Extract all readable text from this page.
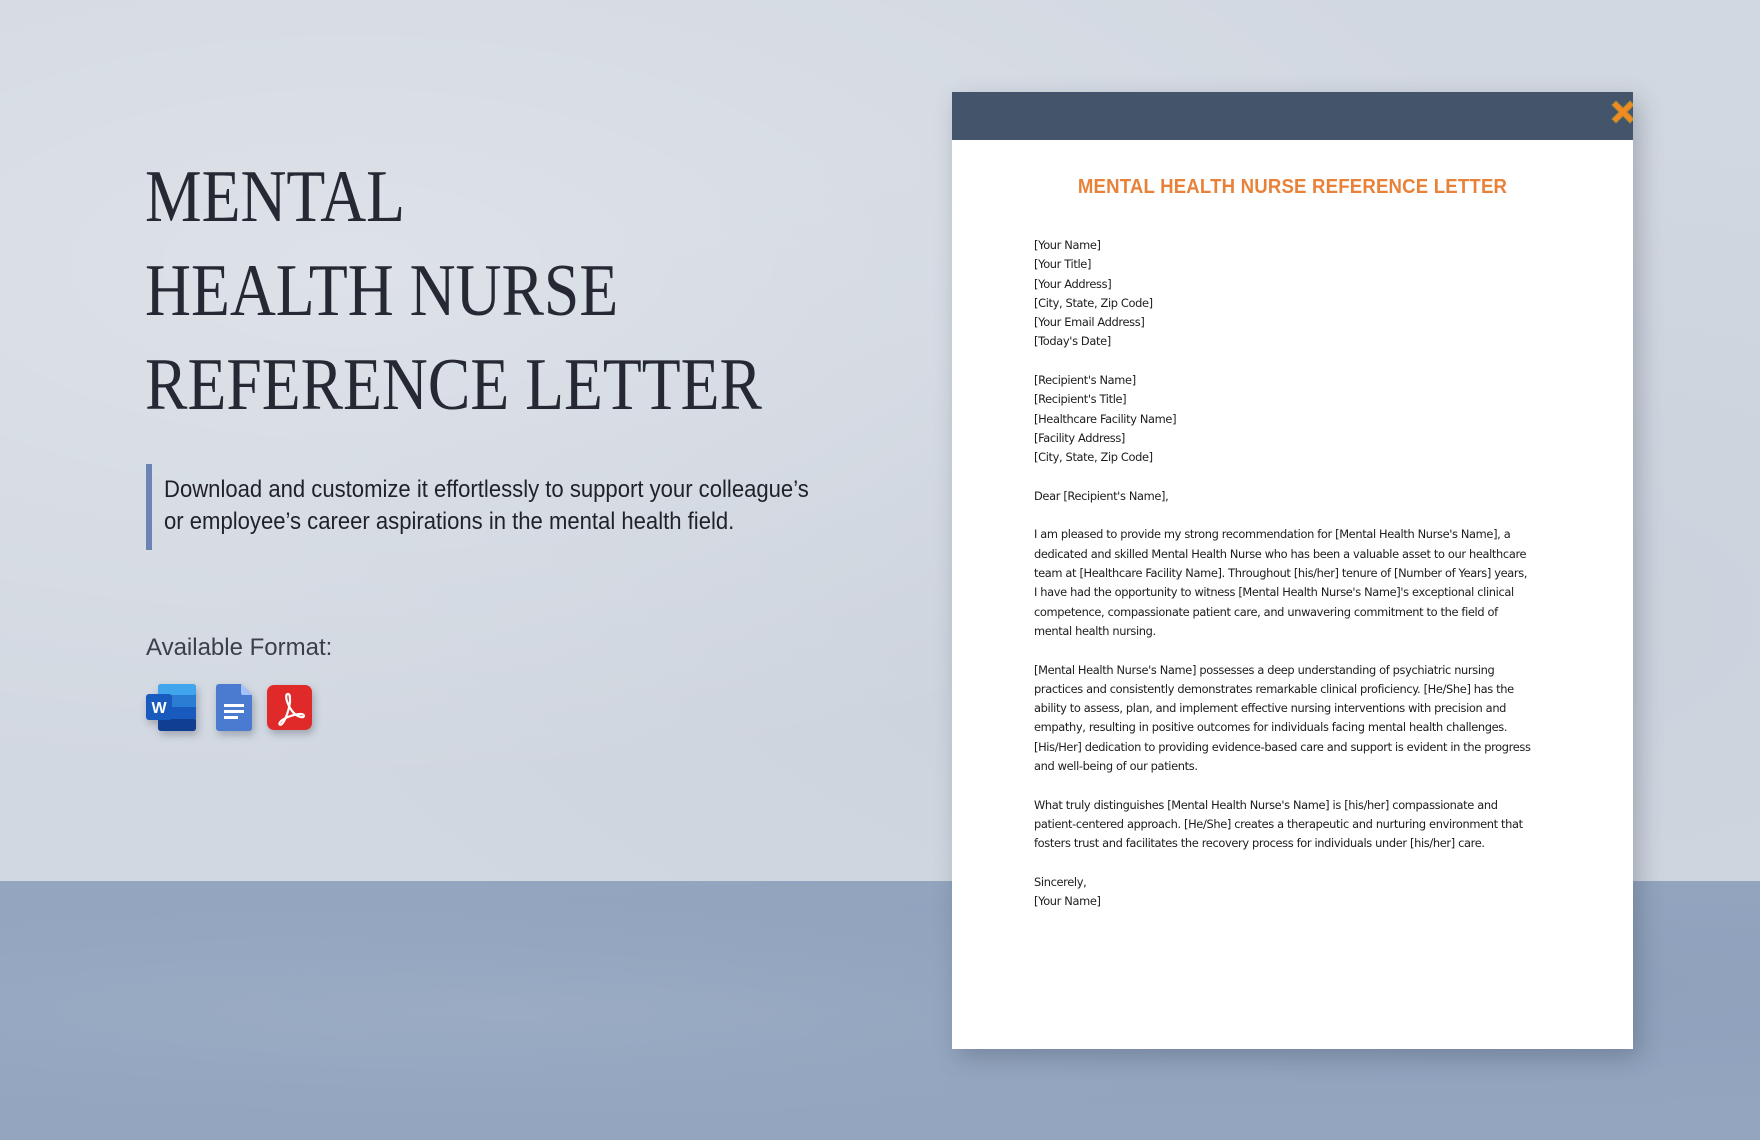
MENTAL
HEALTH NURSE
REFERENCE LETTER

Download and customize it effortlessly to support your colleague’s
or employee’s career aspirations in the mental health field.

Available Format:

W
MENTAL HEALTH NURSE REFERENCE LETTER
[Your Name]
[Your Title]
[Your Address]
[City, State, Zip Code]
[Your Email Address]
[Today's Date]
[Recipient's Name]
[Recipient's Title]
[Healthcare Facility Name]
[Facility Address]
[City, State, Zip Code]
Dear [Recipient's Name],
I am pleased to provide my strong recommendation for [Mental Health Nurse's Name], a
dedicated and skilled Mental Health Nurse who has been a valuable asset to our healthcare
team at [Healthcare Facility Name]. Throughout [his/her] tenure of [Number of Years] years,
I have had the opportunity to witness [Mental Health Nurse's Name]'s exceptional clinical
competence, compassionate patient care, and unwavering commitment to the field of
mental health nursing.
[Mental Health Nurse's Name] possesses a deep understanding of psychiatric nursing
practices and consistently demonstrates remarkable clinical proficiency. [He/She] has the
ability to assess, plan, and implement effective nursing interventions with precision and
empathy, resulting in positive outcomes for individuals facing mental health challenges.
[His/Her] dedication to providing evidence-based care and support is evident in the progress
and well-being of our patients.
What truly distinguishes [Mental Health Nurse's Name] is [his/her] compassionate and
patient-centered approach. [He/She] creates a therapeutic and nurturing environment that
fosters trust and facilitates the recovery process for individuals under [his/her] care.
Sincerely,
[Your Name]
